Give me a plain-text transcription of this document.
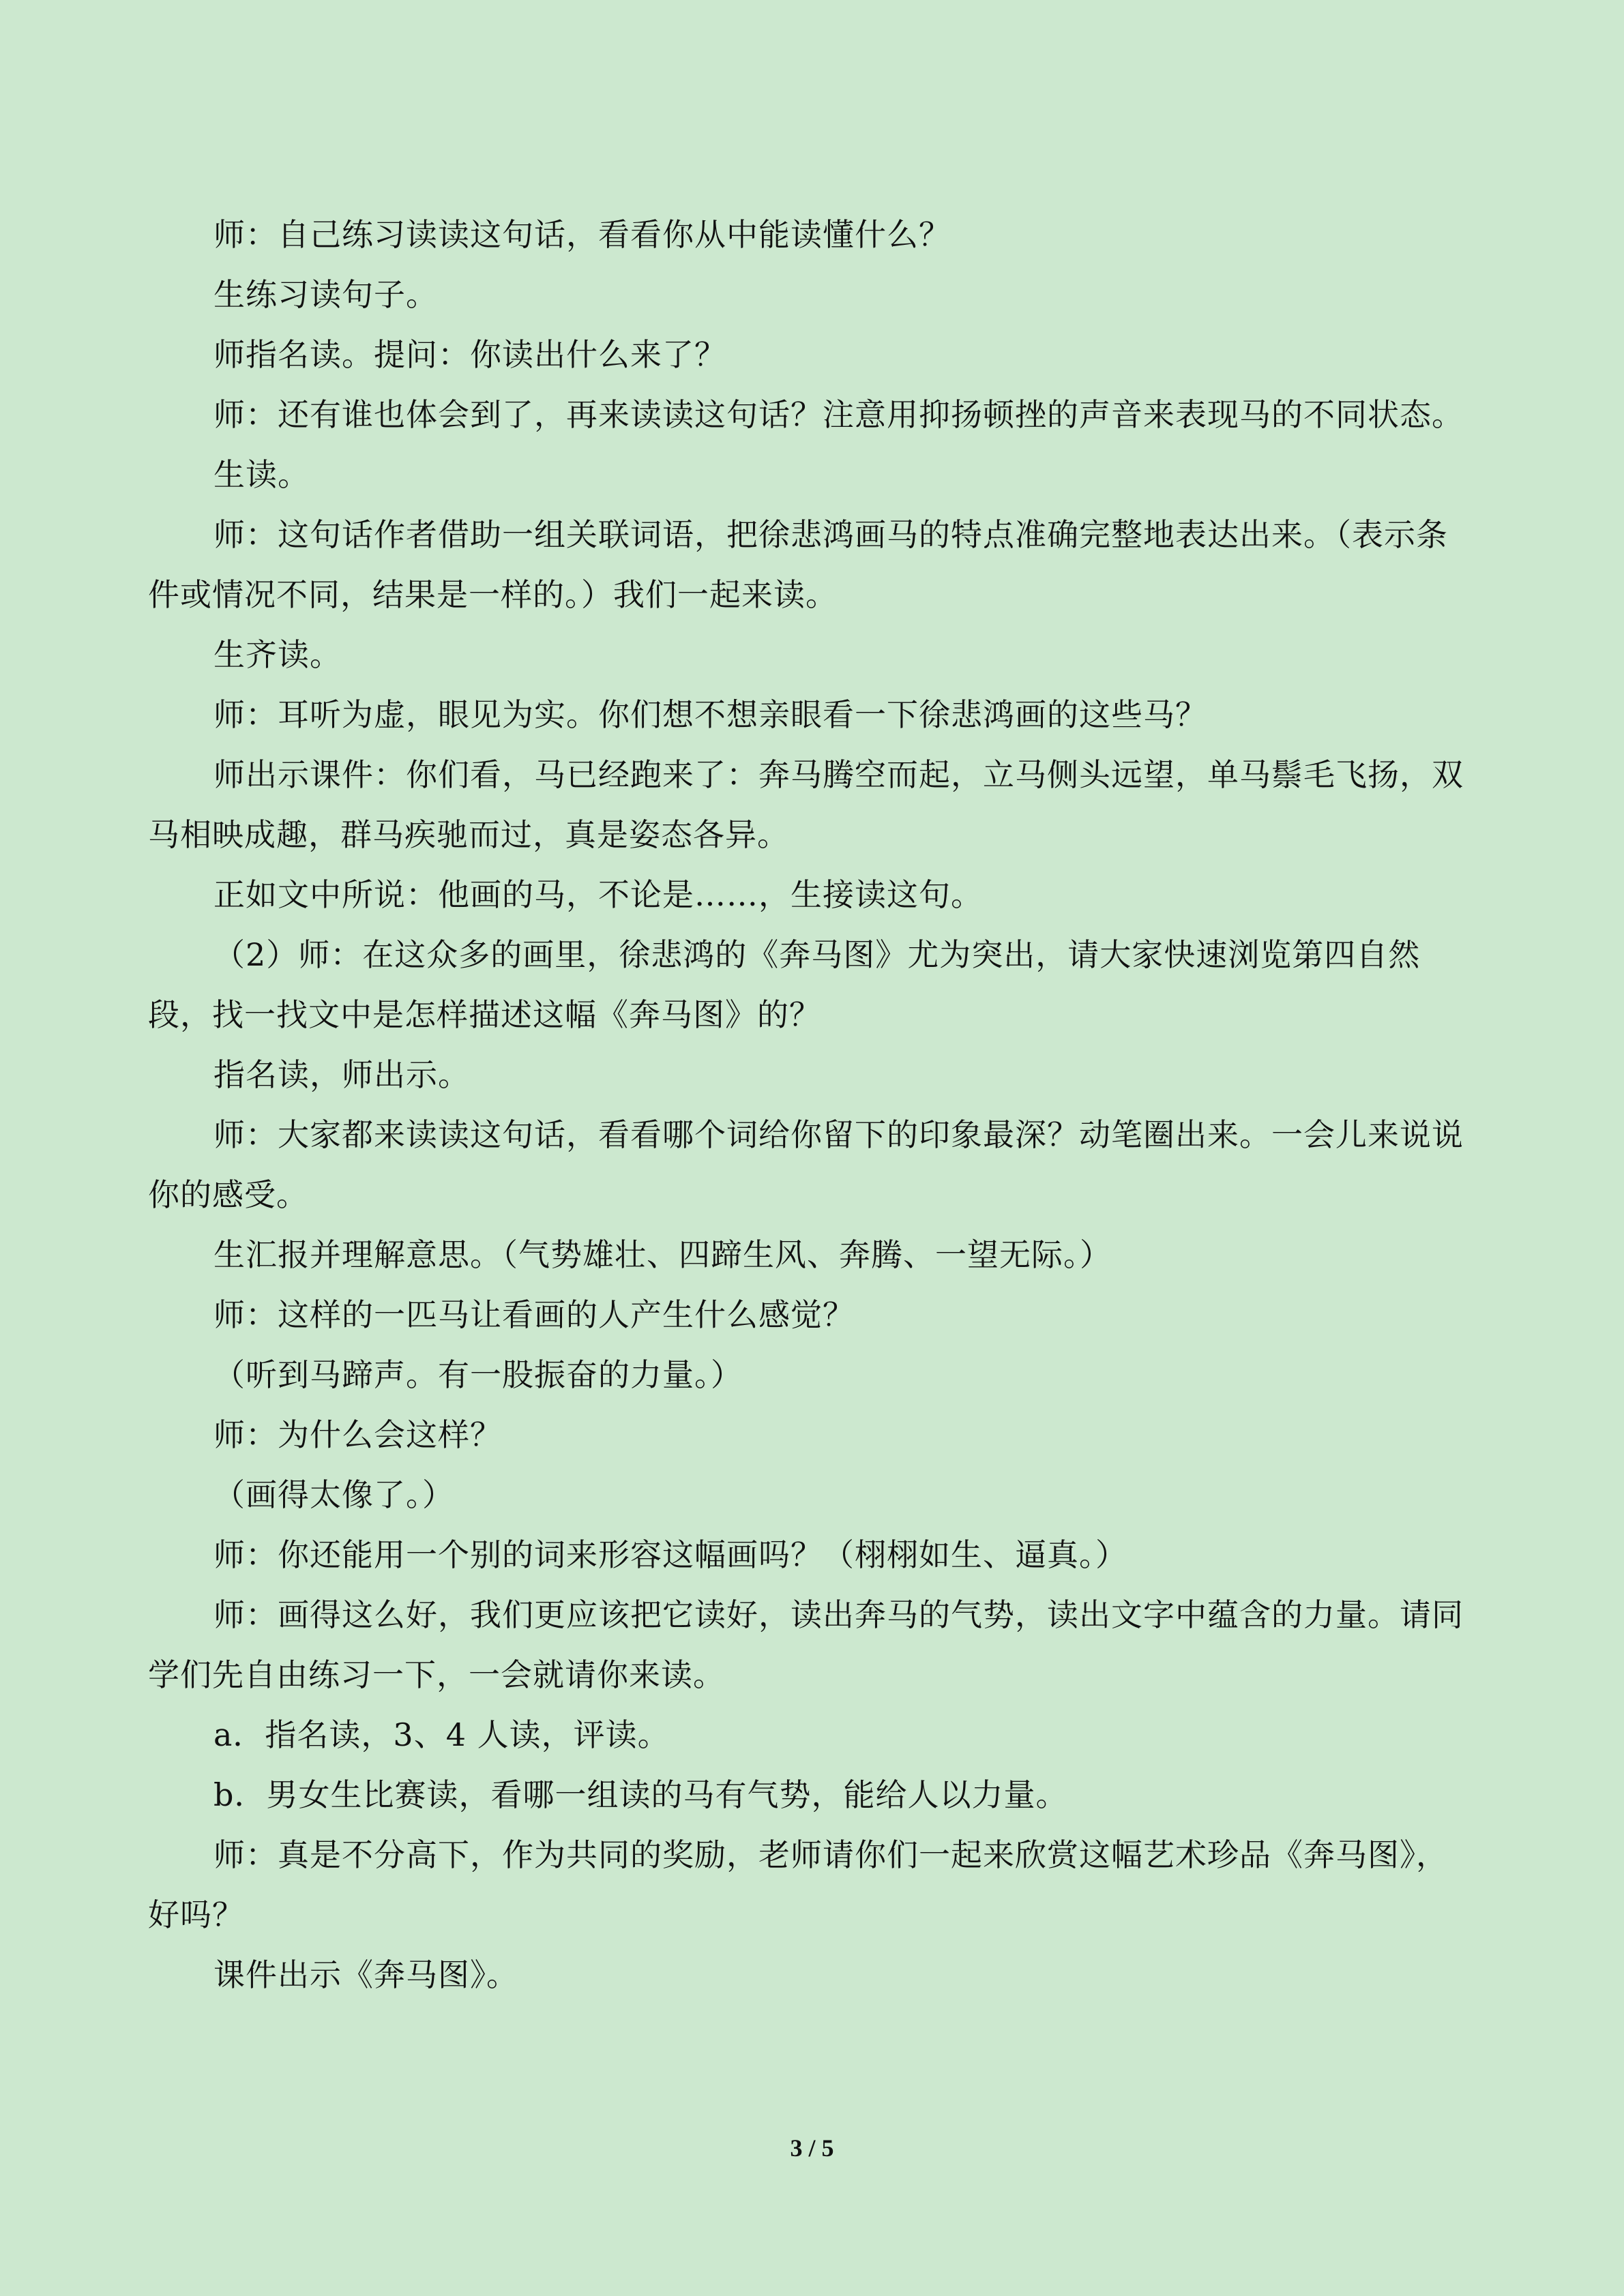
师：自己练习读读这句话，看看你从中能读懂什么？

生练习读句子。

师指名读。提问：你读出什么来了？

师：还有谁也体会到了，再来读读这句话？注意用抑扬顿挫的声音来表现马的不同状态。

生读。

师：这句话作者借助一组关联词语，把徐悲鸿画马的特点准确完整地表达出来。（表示条件或情况不同，结果是一样的。）我们一起来读。

生齐读。

师：耳听为虚，眼见为实。你们想不想亲眼看一下徐悲鸿画的这些马？

师出示课件：你们看，马已经跑来了：奔马腾空而起，立马侧头远望，单马鬃毛飞扬，双马相映成趣，群马疾驰而过，真是姿态各异。

正如文中所说：他画的马，不论是……，生接读这句。

（2）师：在这众多的画里，徐悲鸿的《奔马图》尤为突出，请大家快速浏览第四自然段，找一找文中是怎样描述这幅《奔马图》的？

指名读，师出示。

师：大家都来读读这句话，看看哪个词给你留下的印象最深？动笔圈出来。一会儿来说说你的感受。

生汇报并理解意思。（气势雄壮、四蹄生风、奔腾、一望无际。）

师：这样的一匹马让看画的人产生什么感觉？

（听到马蹄声。有一股振奋的力量。）

师：为什么会这样？

（画得太像了。）

师：你还能用一个别的词来形容这幅画吗？（栩栩如生、逼真。）

师：画得这么好，我们更应该把它读好，读出奔马的气势，读出文字中蕴含的力量。请同学们先自由练习一下，一会就请你来读。

a．指名读，3、4 人读，评读。

b．男女生比赛读，看哪一组读的马有气势，能给人以力量。

师：真是不分高下，作为共同的奖励，老师请你们一起来欣赏这幅艺术珍品《奔马图》，好吗？

课件出示《奔马图》。

3 / 5
